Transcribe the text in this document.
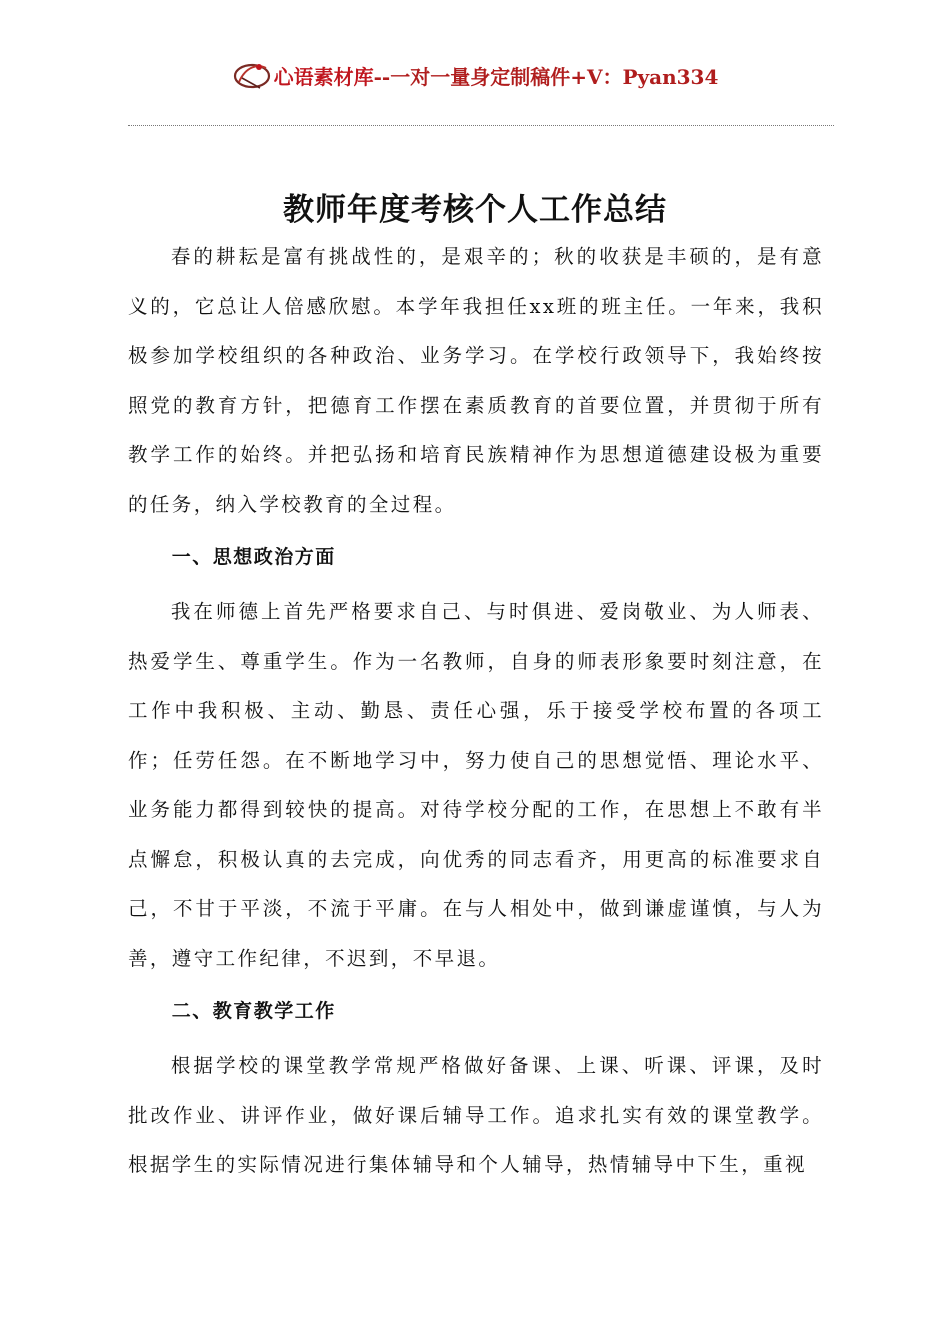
心语素材库--一对一量身定制稿件+V：Pyan334
教师年度考核个人工作总结

春的耕耘是富有挑战性的，是艰辛的；秋的收获是丰硕的，是有意义的，它总让人倍感欣慰。本学年我担任xx班的班主任。一年来，我积极参加学校组织的各种政治、业务学习。在学校行政领导下，我始终按照党的教育方针，把德育工作摆在素质教育的首要位置，并贯彻于所有教学工作的始终。并把弘扬和培育民族精神作为思想道德建设极为重要的任务，纳入学校教育的全过程。

一、思想政治方面

我在师德上首先严格要求自己、与时俱进、爱岗敬业、为人师表、热爱学生、尊重学生。作为一名教师，自身的师表形象要时刻注意，在工作中我积极、主动、勤恳、责任心强，乐于接受学校布置的各项工作；任劳任怨。在不断地学习中，努力使自己的思想觉悟、理论水平、业务能力都得到较快的提高。对待学校分配的工作，在思想上不敢有半点懈怠，积极认真的去完成，向优秀的同志看齐，用更高的标准要求自己，不甘于平淡，不流于平庸。在与人相处中，做到谦虚谨慎，与人为善，遵守工作纪律，不迟到，不早退。

二、教育教学工作

根据学校的课堂教学常规严格做好备课、上课、听课、评课，及时批改作业、讲评作业，做好课后辅导工作。追求扎实有效的课堂教学。根据学生的实际情况进行集体辅导和个人辅导，热情辅导中下生，重视
